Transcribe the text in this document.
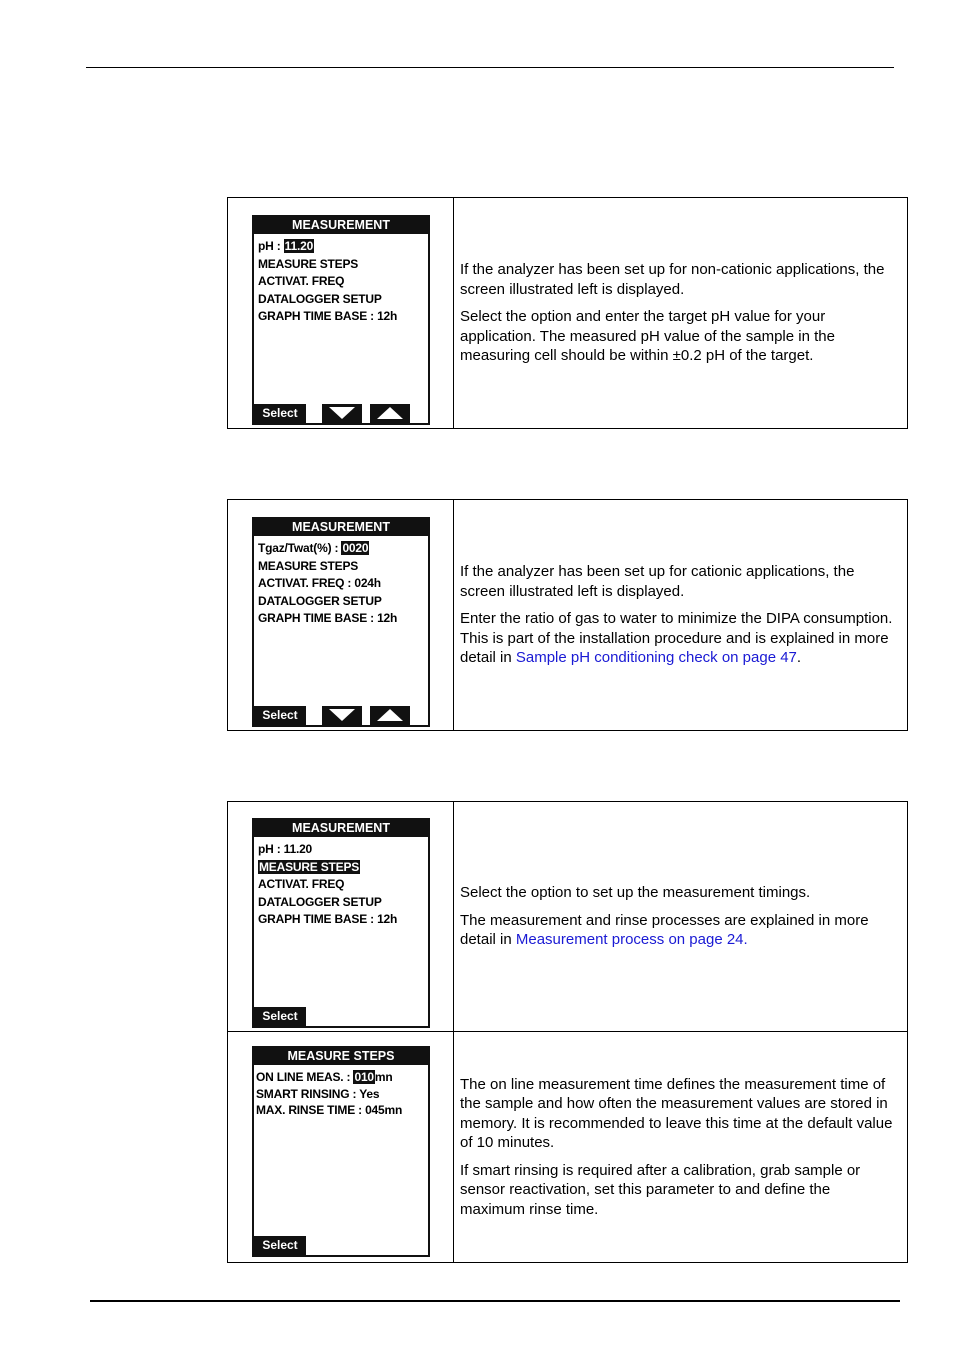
MEASUREMENT
pH : 11.20
MEASURE STEPS
ACTIVAT. FREQ
DATALOGGER SETUP
GRAPH TIME BASE : 12h
Select

If the analyzer has been set up for non-cationic applications, the screen illustrated left is displayed.

Select the option and enter the target pH value for your application. The measured pH value of the sample in the measuring cell should be within ±0.2 pH of the target.

MEASUREMENT
Tgaz/Twat(%) : 0020
MEASURE STEPS
ACTIVAT. FREQ : 024h
DATALOGGER SETUP
GRAPH TIME BASE : 12h
Select

If the analyzer has been set up for cationic applications, the screen illustrated left is displayed.

Enter the ratio of gas to water to minimize the DIPA consumption. This is part of the installation procedure and is explained in more detail in Sample pH conditioning check on page 47.

MEASUREMENT
pH : 11.20
MEASURE STEPS
ACTIVAT. FREQ
DATALOGGER SETUP
GRAPH TIME BASE : 12h
Select

Select the option to set up the measurement timings.

The measurement and rinse processes are explained in more detail in Measurement process on page 24.

MEASURE STEPS
ON LINE MEAS. : 010mn
SMART RINSING : Yes
MAX. RINSE TIME : 045mn
Select

The on line measurement time defines the measurement time of the sample and how often the measurement values are stored in memory. It is recommended to leave this time at the default value of 10 minutes.

If smart rinsing is required after a calibration, grab sample or sensor reactivation, set this parameter to and define the maximum rinse time.
